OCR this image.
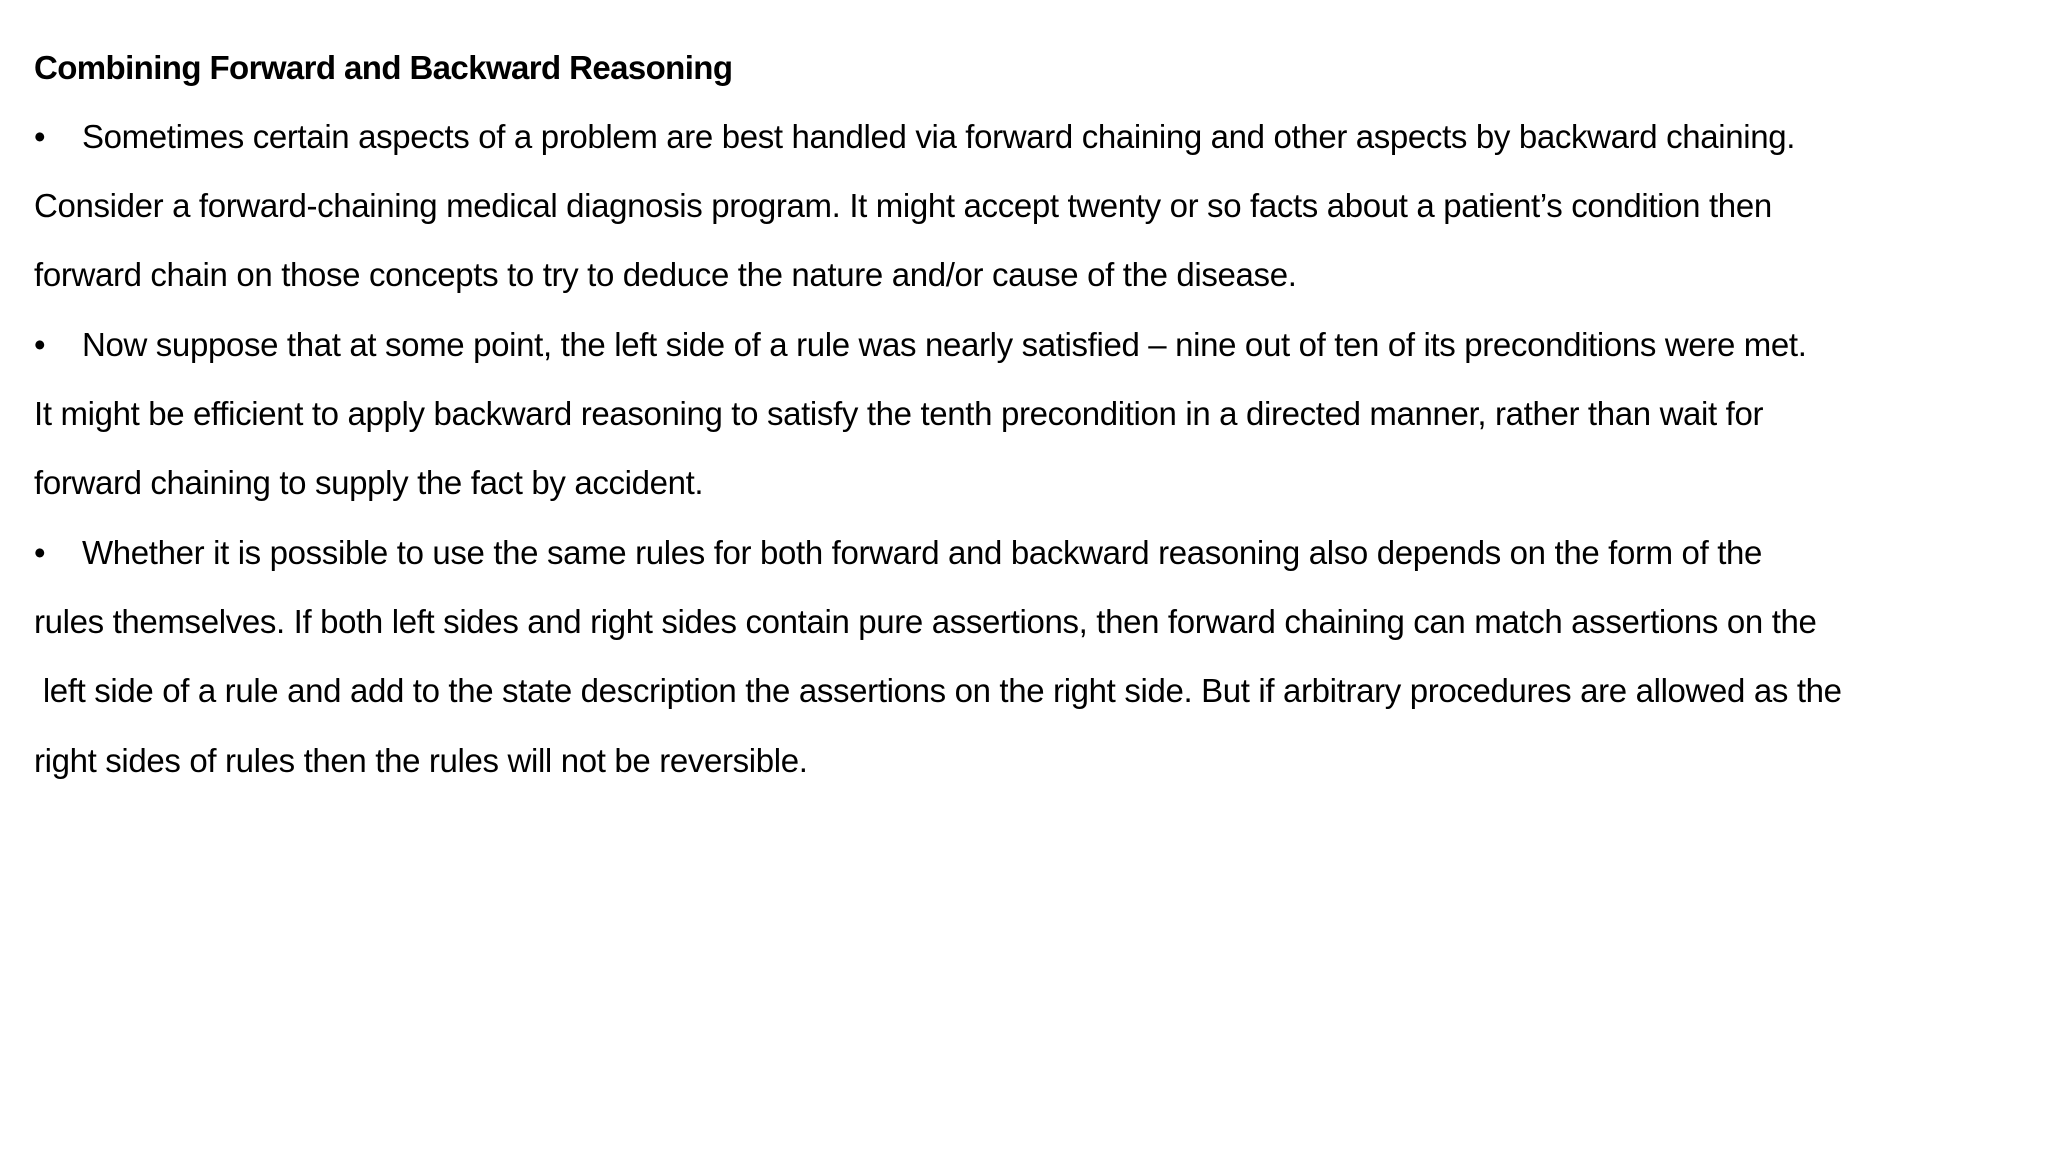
Combining Forward and Backward Reasoning
•	Sometimes certain aspects of a problem are best handled via forward chaining and other aspects by backward chaining.
Consider a forward-chaining medical diagnosis program. It might accept twenty or so facts about a patient’s condition then
forward chain on those concepts to try to deduce the nature and/or cause of the disease.
•	Now suppose that at some point, the left side of a rule was nearly satisfied – nine out of ten of its preconditions were met.
It might be efficient to apply backward reasoning to satisfy the tenth precondition in a directed manner, rather than wait for
forward chaining to supply the fact by accident.
•	Whether it is possible to use the same rules for both forward and backward reasoning also depends on the form of the
rules themselves. If both left sides and right sides contain pure assertions, then forward chaining can match assertions on the
left side of a rule and add to the state description the assertions on the right side. But if arbitrary procedures are allowed as the
right sides of rules then the rules will not be reversible.
